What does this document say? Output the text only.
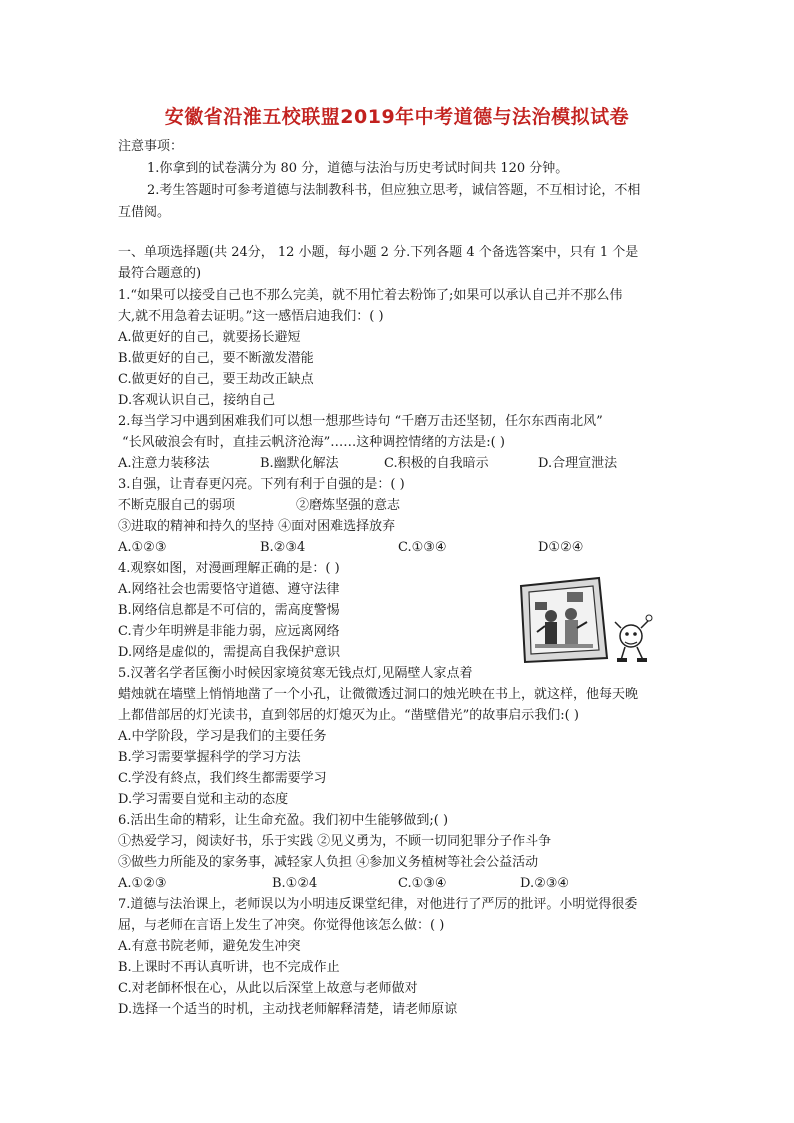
安徽省沿淮五校联盟2019年中考道德与法治模拟试卷
注意事项：
1.你拿到的试卷满分为 80 分，道德与法治与历史考试时间共 120 分钟。
2.考生答题时可参考道德与法制教科书，但应独立思考，诚信答题，不互相讨论，不相
互借阅。
一、单项选择题(共 24分， 12 小题，每小题 2 分.下列各题 4 个备选答案中，只有 1 个是
最符合题意的)
1.“如果可以接受自己也不那么完美，就不用忙着去粉饰了;如果可以承认自己并不那么伟
大,就不用急着去证明。”这一感悟启迪我们：( )
A.做更好的自己，就要扬长避短
B.做更好的自己，要不断激发潜能
C.做更好的自己，要王劫改正缺点
D.客观认识自己，接纳自己
2.每当学习中遇到困难我们可以想一想那些诗句 “千磨万击还坚韧，任尔东西南北风”
“长风破浪会有时，直挂云帆济沧海”……这种调控情绪的方法是:( )
A.注意力装移法	B.幽默化解法	C.积极的自我暗示	D.合理宣泄法
3.自强，让青春更闪亮。下列有利于自强的是：( )
不断克服自己的弱项	②磨炼坚强的意志
③进取的精神和持久的坚持 ④面对困难选择放弃
A.①②③	B.②③4	C.①③④	D①②④
4.观察如图，对漫画理解正确的是：( )
A.网络社会也需要恪守道德、遵守法律
B.网络信息都是不可信的，需高度警惕
C.青少年明辨是非能力弱，应远离网络
D.网络是虚似的，需提高自我保护意识
5.汉著名学者匡衡小时候因家境贫寒无钱点灯,见隔壁人家点着
蜡烛就在墙壁上悄悄地凿了一个小孔，让微微透过洞口的烛光映在书上，就这样，他每天晚
上都借部居的灯光读书，直到邻居的灯熄灭为止。“凿壁借光”的故事启示我们:( )
A.中学阶段，学习是我们的主要任务
B.学习需要掌握科学的学习方法
C.学没有終点，我们终生都需要学习
D.学习需要自觉和主动的态度
6.活出生命的精彩，让生命充盈。我们初中生能够做到;( )
①热爱学习，阅读好书，乐于实践 ②见义勇为，不顾一切同犯罪分子作斗争
③做些力所能及的家务事，减轻家人负担 ④参加义务植树等社会公益活动
A.①②③	B.①②4	C.①③④	D.②③④
7.道德与法治课上，老师误以为小明违反课堂纪律，对他进行了严厉的批评。小明觉得很委
屈，与老师在言语上发生了冲突。你觉得他该怎么做：( )
A.有意书院老师，避免发生冲突
B.上课时不再认真听讲，也不完成作止
C.对老師杯恨在心，从此以后深堂上故意与老师做对
D.选择一个适当的时机，主动找老师解释清楚，请老师原谅
